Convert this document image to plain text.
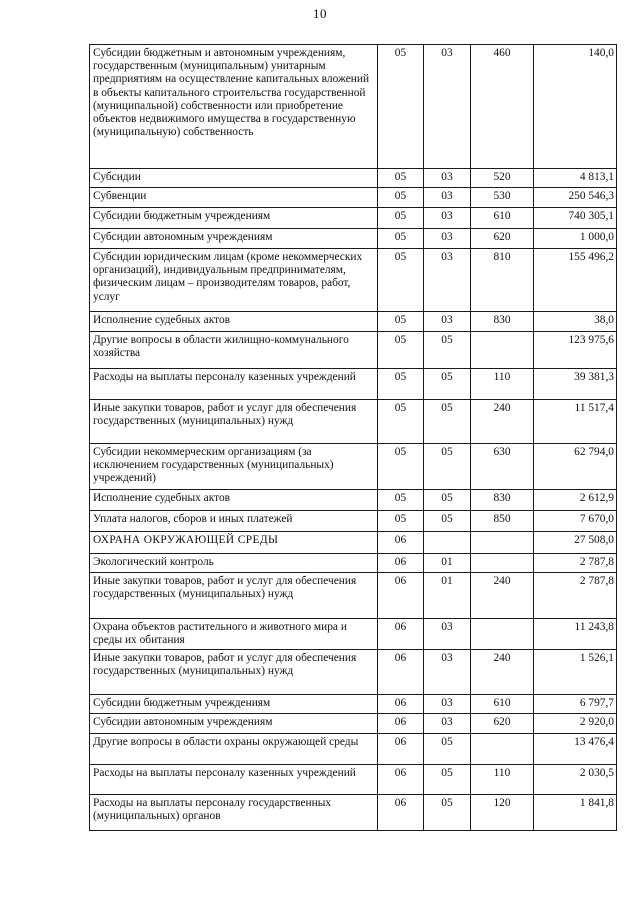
10
Субсидии бюджетным и автономным учреждениям, государственным (муниципальным) унитарным предприятиям на осуществление капитальных вложений в объекты капитального строительства государственной (муниципальной) собственности или приобретение объектов недвижимого имущества в государственную (муниципальную) собственность	05	03	460	140,0
Субсидии	05	03	520	4 813,1
Субвенции	05	03	530	250 546,3
Субсидии бюджетным учреждениям	05	03	610	740 305,1
Субсидии автономным учреждениям	05	03	620	1 000,0
Субсидии юридическим лицам (кроме некоммерческих организаций), индивидуальным предпринимателям, физическим лицам – производителям товаров, работ, услуг	05	03	810	155 496,2
Исполнение судебных актов	05	03	830	38,0
Другие вопросы в области жилищно-коммунального хозяйства	05	05		123 975,6
Расходы на выплаты персоналу казенных учреждений	05	05	110	39 381,3
Иные закупки товаров, работ и услуг для обеспечения государственных (муниципальных) нужд	05	05	240	11 517,4
Субсидии некоммерческим организациям (за исключением государственных (муниципальных) учреждений)	05	05	630	62 794,0
Исполнение судебных актов	05	05	830	2 612,9
Уплата налогов, сборов и иных платежей	05	05	850	7 670,0
ОХРАНА ОКРУЖАЮЩЕЙ СРЕДЫ	06			27 508,0
Экологический контроль	06	01		2 787,8
Иные закупки товаров, работ и услуг для обеспечения государственных (муниципальных) нужд	06	01	240	2 787,8
Охрана объектов растительного и животного мира и среды их обитания	06	03		11 243,8
Иные закупки товаров, работ и услуг для обеспечения государственных (муниципальных) нужд	06	03	240	1 526,1
Субсидии бюджетным учреждениям	06	03	610	6 797,7
Субсидии автономным учреждениям	06	03	620	2 920,0
Другие вопросы в области охраны окружающей среды	06	05		13 476,4
Расходы на выплаты персоналу казенных учреждений	06	05	110	2 030,5
Расходы на выплаты персоналу государственных (муниципальных) органов	06	05	120	1 841,8
